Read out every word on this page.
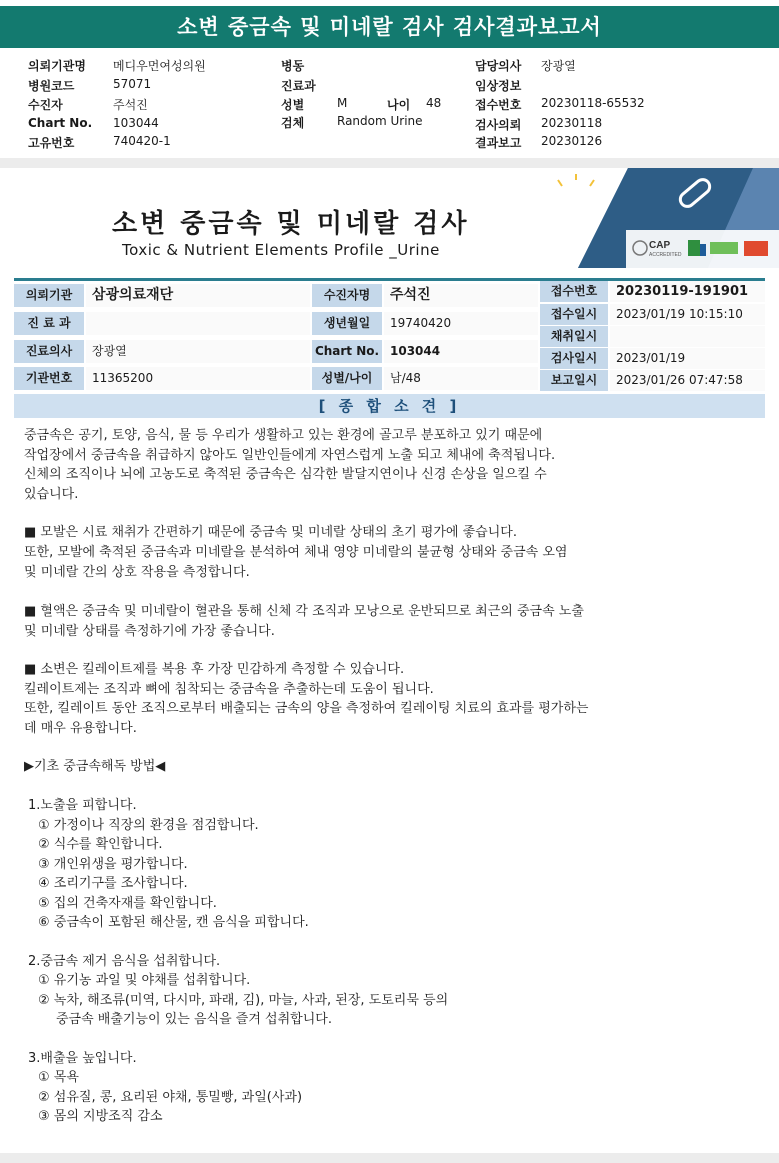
소변 중금속 및 미네랄 검사 검사결과보고서
의뢰기관명 메디우먼여성의원
병원코드	57071
수진자	주석진
Chart No. 103044
고유번호	740420-1
병동
진료과
성별	M	나이 48
검체	Random Urine
담당의사 장광열
임상정보
접수번호 20230118-65532
검사의뢰 20230118
결과보고 20230126
소변 중금속 및 미네랄 검사
Toxic & Nutrient Elements Profile _Urine	CAP
ACCREDITED
의뢰기관	삼광의료재단
진 료 과
진료의사	장광열
기관번호	11365200
수진자명	주석진
생년월일	19740420
Chart No. 103044
성별/나이	남/48
접수번호	20230119-191901
접수일시	2023/01/19 10:15:10
채취일시
검사일시	2023/01/19
보고일시	2023/01/26 07:47:58
[ 종 합 소 견 ]
중금속은 공기, 토양, 음식, 물 등 우리가 생활하고 있는 환경에 골고루 분포하고 있기 때문에
작업장에서 중금속을 취급하지 않아도 일반인들에게 자연스럽게 노출 되고 체내에 축적됩니다.
신체의 조직이나 뇌에 고농도로 축적된 중금속은 심각한 발달지연이나 신경 손상을 일으킬 수
있습니다.
■ 모발은 시료 채취가 간편하기 때문에 중금속 및 미네랄 상태의 초기 평가에 좋습니다.
또한, 모발에 축적된 중금속과 미네랄을 분석하여 체내 영양 미네랄의 불균형 상태와 중금속 오염
및 미네랄 간의 상호 작용을 측정합니다.
■ 혈액은 중금속 및 미네랄이 혈관을 통해 신체 각 조직과 모낭으로 운반되므로 최근의 중금속 노출
및 미네랄 상태를 측정하기에 가장 좋습니다.
■ 소변은 킬레이트제를 복용 후 가장 민감하게 측정할 수 있습니다.
킬레이트제는 조직과 뼈에 침착되는 중금속을 추출하는데 도움이 됩니다.
또한, 킬레이트 동안 조직으로부터 배출되는 금속의 양을 측정하여 킬레이팅 치료의 효과를 평가하는
데 매우 유용합니다.
▶기초 중금속해독 방법◀
1.노출을 피합니다.
① 가정이나 직장의 환경을 점검합니다.
② 식수를 확인합니다.
③ 개인위생을 평가합니다.
④ 조리기구를 조사합니다.
⑤ 집의 건축자재를 확인합니다.
⑥ 중금속이 포함된 해산물, 캔 음식을 피합니다.
2.중금속 제거 음식을 섭취합니다.
① 유기농 과일 및 야채를 섭취합니다.
② 녹차, 해조류(미역, 다시마, 파래, 김), 마늘, 사과, 된장, 도토리묵 등의
중금속 배출기능이 있는 음식을 즐겨 섭취합니다.
3.배출을 높입니다.
① 목욕
② 섬유질, 콩, 요리된 야채, 통밀빵, 과일(사과)
③ 몸의 지방조직 감소
